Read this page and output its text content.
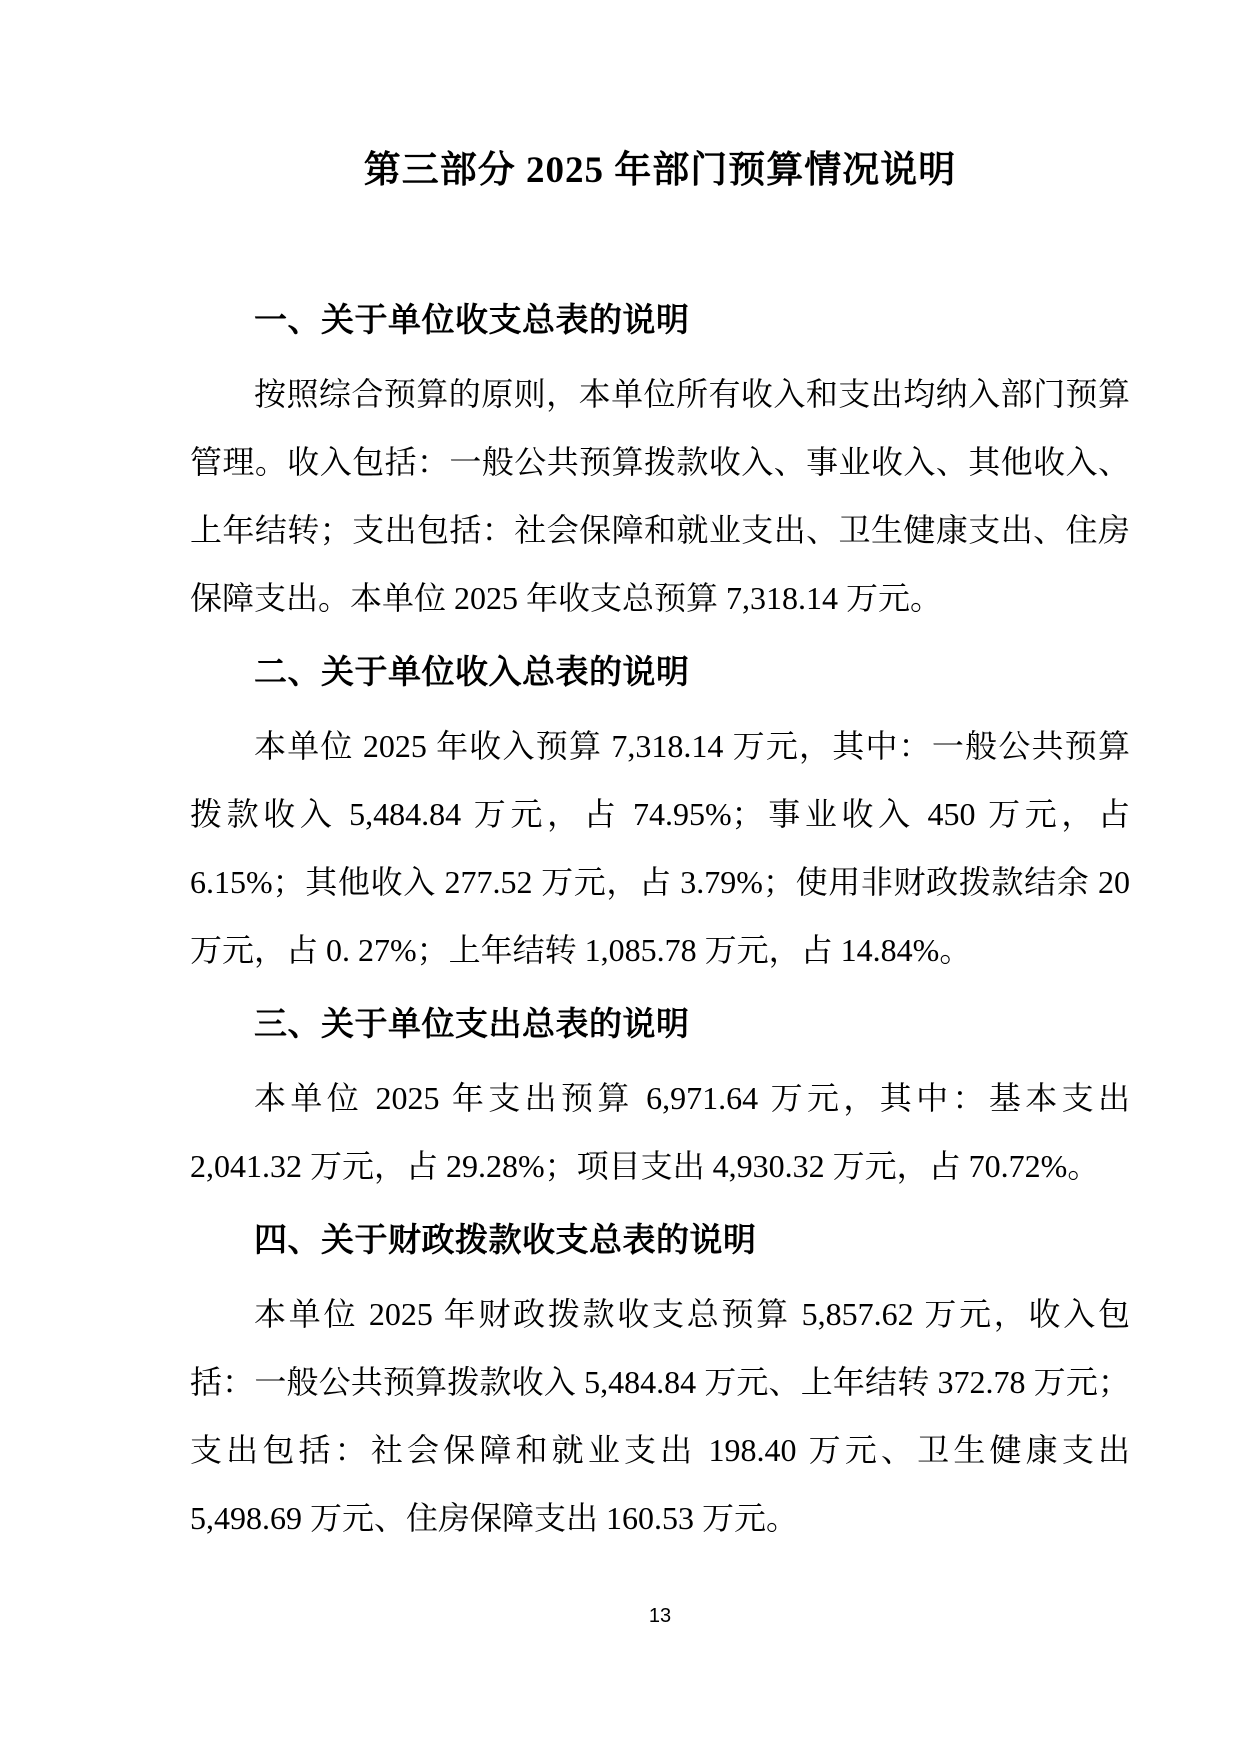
第三部分 2025 年部门预算情况说明
一、关于单位收支总表的说明

按照综合预算的原则，本单位所有收入和支出均纳入部门预算管理。收入包括：一般公共预算拨款收入、事业收入、其他收入、上年结转；支出包括：社会保障和就业支出、卫生健康支出、住房保障支出。本单位 2025 年收支总预算 7,318.14 万元。

二、关于单位收入总表的说明

本单位 2025 年收入预算 7,318.14 万元，其中：一般公共预算拨款收入 5,484.84 万元，占 74.95%；事业收入 450 万元，占 6.15%；其他收入 277.52 万元，占 3.79%；使用非财政拨款结余 20 万元，占 0. 27%；上年结转 1,085.78 万元，占 14.84%。

三、关于单位支出总表的说明

本单位 2025 年支出预算 6,971.64 万元，其中：基本支出 2,041.32 万元，占 29.28%；项目支出 4,930.32 万元，占 70.72%。

四、关于财政拨款收支总表的说明

本单位 2025 年财政拨款收支总预算 5,857.62 万元，收入包括：一般公共预算拨款收入 5,484.84 万元、上年结转 372.78 万元；支出包括：社会保障和就业支出 198.40 万元、卫生健康支出 5,498.69 万元、住房保障支出 160.53 万元。

13
